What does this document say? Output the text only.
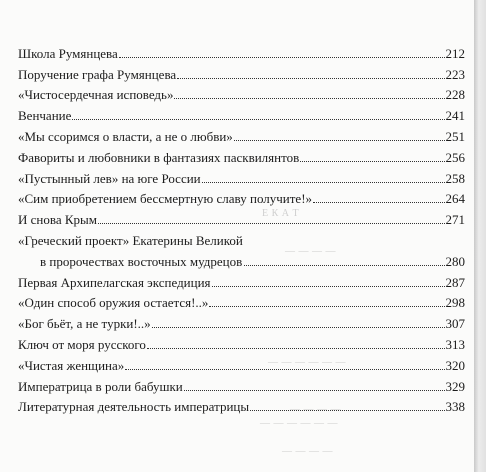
Е К А Т
— — — —
— — — — — —
— — — —
— — — — — —
— — — —
Школа Румянцева	212
Поручение графа Румянцева	223
«Чистосердечная исповедь»	228
Венчание	241
«Мы ссоримся о власти, а не о любви»	251
Фавориты и любовники в фантазиях пасквилянтов	256
«Пустынный лев» на юге России	258
«Сим приобретением бессмертную славу получите!»	264
И снова Крым	271
«Греческий проект» Екатерины Великой
в пророчествах восточных мудрецов	280
Первая Архипелагская экспедиция	287
«Один способ оружия остается!..»	298
«Бог бьёт, а не турки!..»	307
Ключ от моря русского	313
«Чистая женщина»	320
Императрица в роли бабушки	329
Литературная деятельность императрицы	338
